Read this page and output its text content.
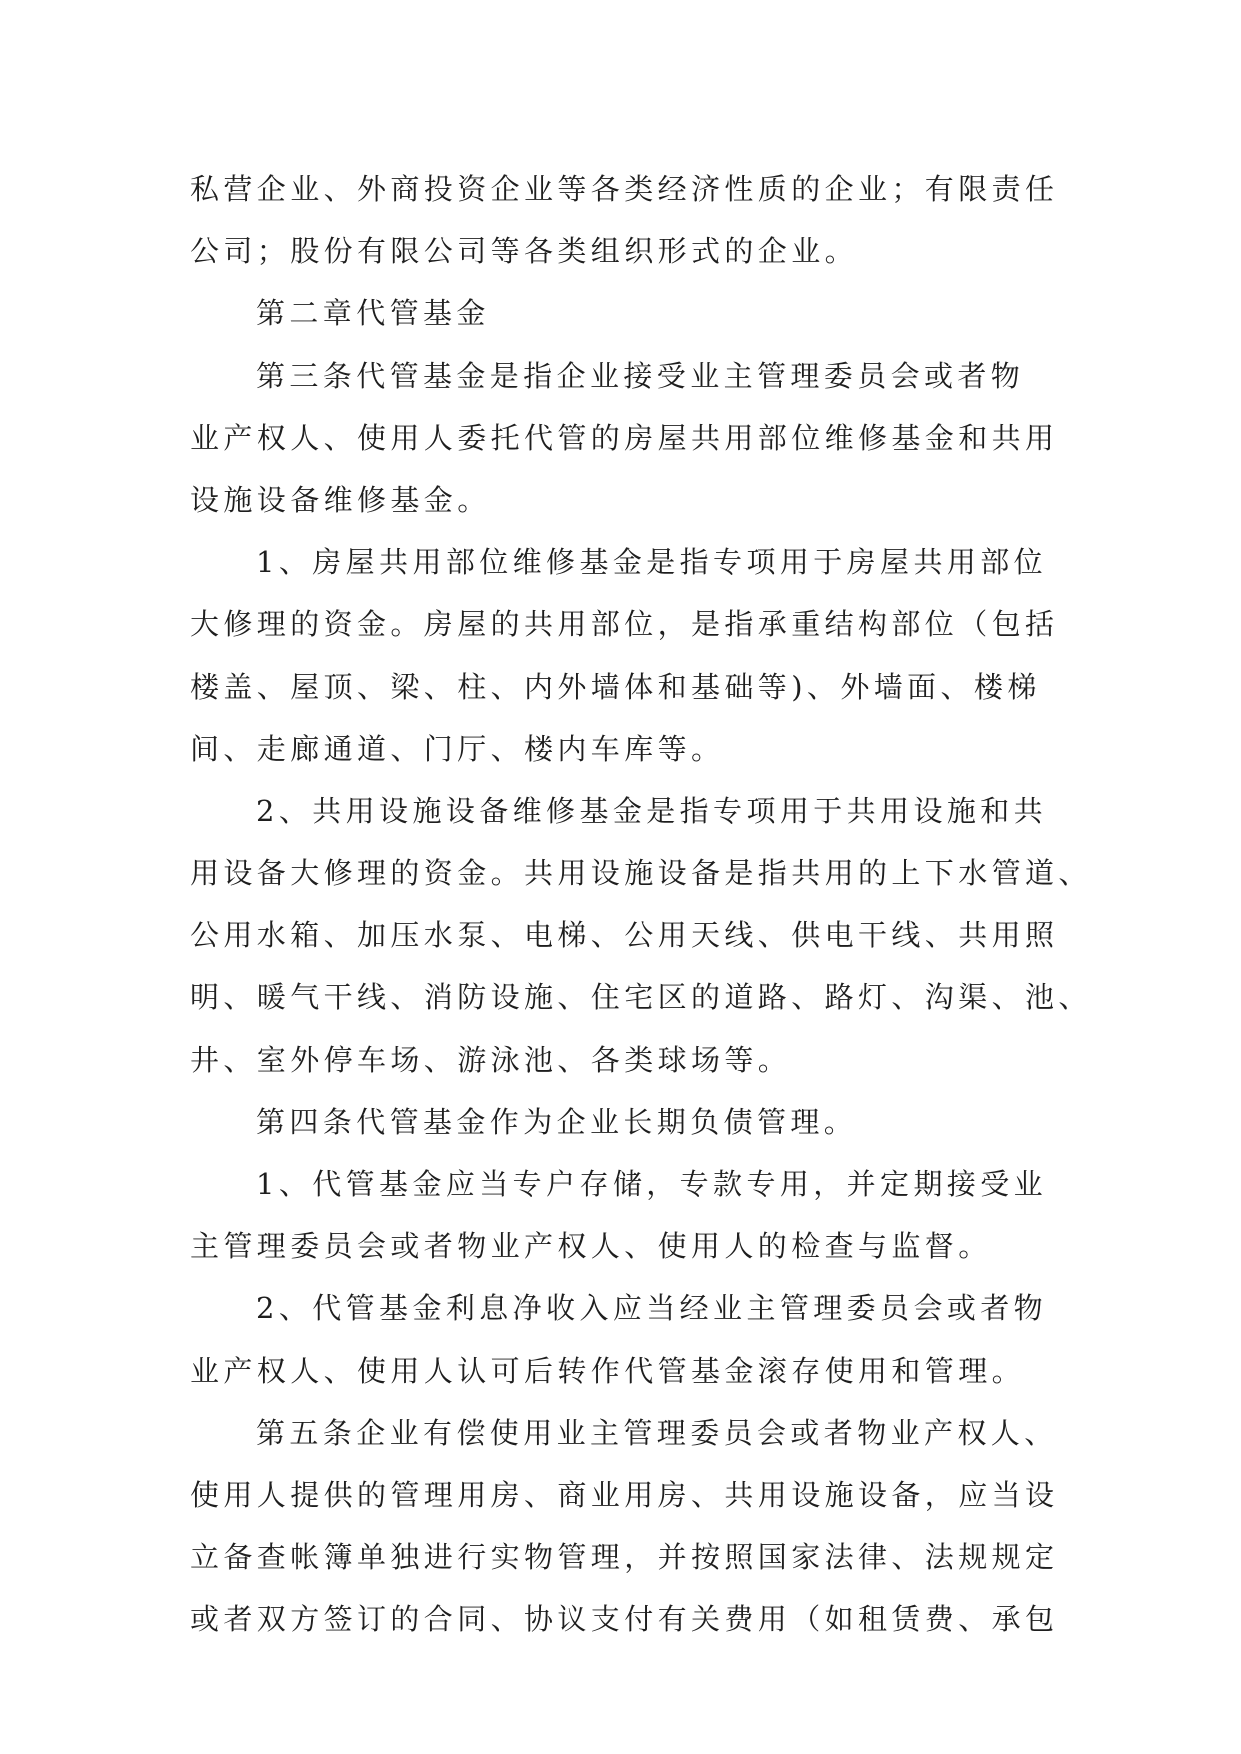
私营企业、外商投资企业等各类经济性质的企业；有限责任
公司；股份有限公司等各类组织形式的企业。
第二章代管基金
第三条代管基金是指企业接受业主管理委员会或者物
业产权人、使用人委托代管的房屋共用部位维修基金和共用
设施设备维修基金。
1、房屋共用部位维修基金是指专项用于房屋共用部位
大修理的资金。房屋的共用部位，是指承重结构部位（包括
楼盖、屋顶、梁、柱、内外墙体和基础等)、外墙面、楼梯
间、走廊通道、门厅、楼内车库等。
2、共用设施设备维修基金是指专项用于共用设施和共
用设备大修理的资金。共用设施设备是指共用的上下水管道、
公用水箱、加压水泵、电梯、公用天线、供电干线、共用照
明、暖气干线、消防设施、住宅区的道路、路灯、沟渠、池、
井、室外停车场、游泳池、各类球场等。
第四条代管基金作为企业长期负债管理。
1、代管基金应当专户存储，专款专用，并定期接受业
主管理委员会或者物业产权人、使用人的检查与监督。
2、代管基金利息净收入应当经业主管理委员会或者物
业产权人、使用人认可后转作代管基金滚存使用和管理。
第五条企业有偿使用业主管理委员会或者物业产权人、
使用人提供的管理用房、商业用房、共用设施设备，应当设
立备查帐簿单独进行实物管理，并按照国家法律、法规规定
或者双方签订的合同、协议支付有关费用（如租赁费、承包
